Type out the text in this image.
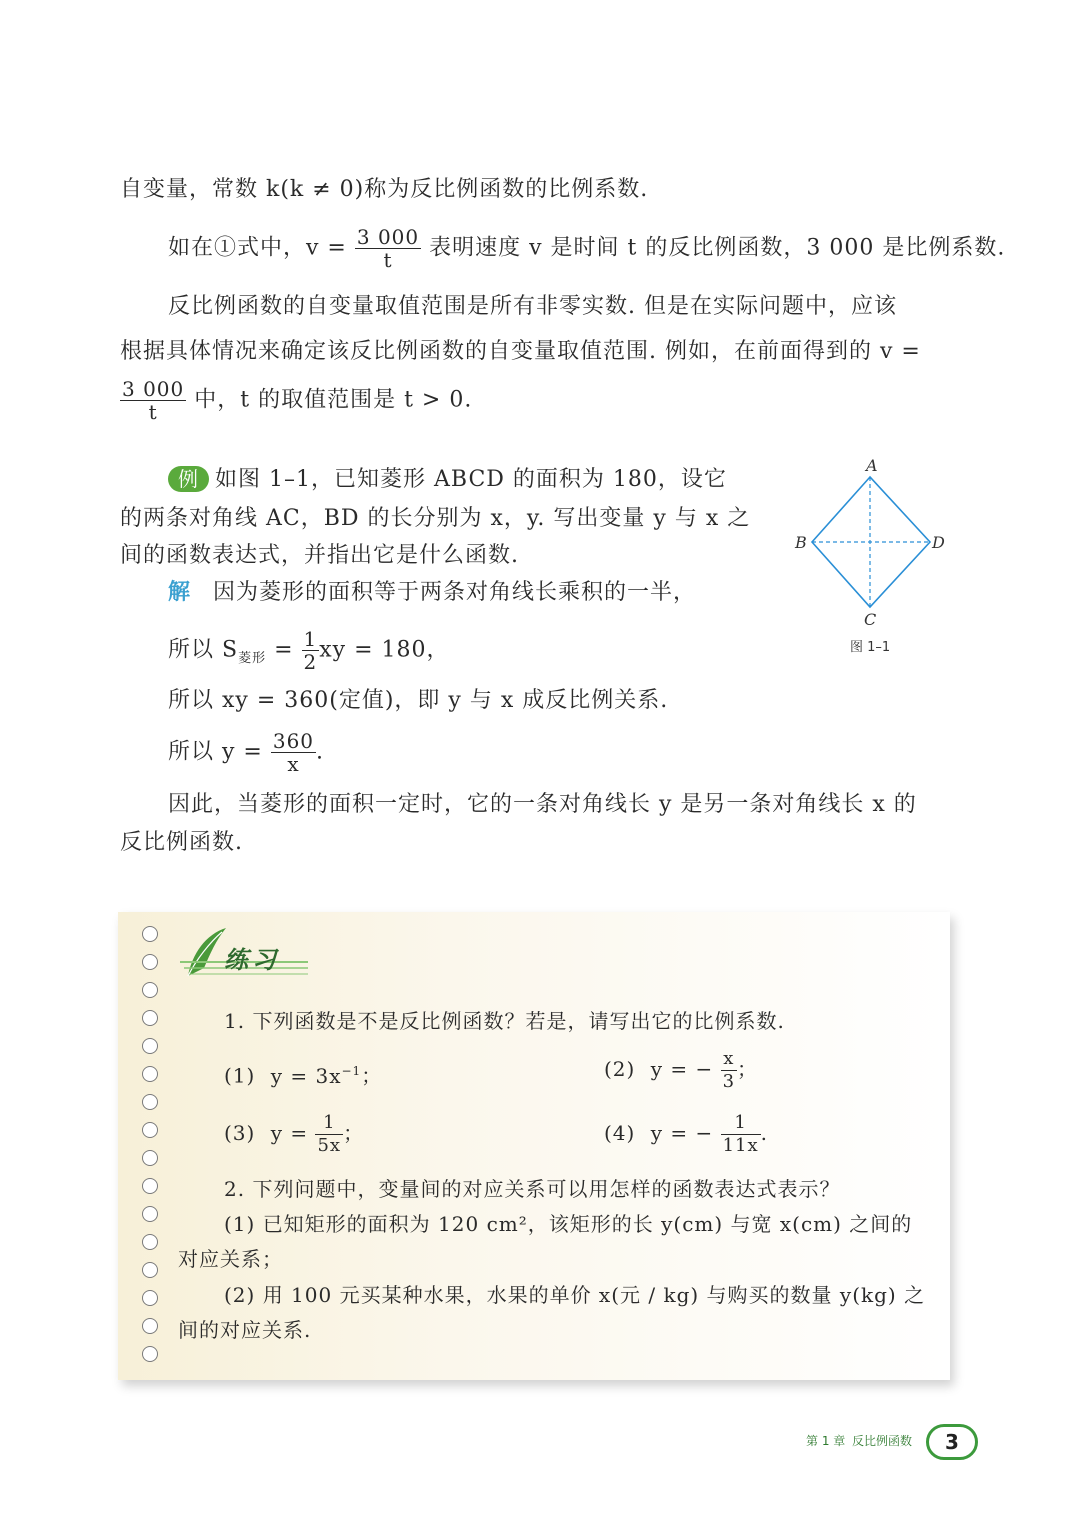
自变量，常数 k(k ≠ 0)称为反比例函数的比例系数.
如在①式中，$v = \frac{3 000}{t}$ 表明速度 v 是时间 t 的反比例函数，3 000 是比例系数.
反比例函数的自变量取值范围是所有非零实数. 但是在实际问题中，应该
根据具体情况来确定该反比例函数的自变量取值范围. 例如，在前面得到的 v =
$\frac{3 000}{t}$ 中，t 的取值范围是 t > 0.
例 如图 1–1，已知菱形 ABCD 的面积为 180，设它
的两条对角线 AC，BD 的长分别为 x，y. 写出变量 y 与 x 之
间的函数表达式，并指出它是什么函数.
解 因为菱形的面积等于两条对角线长乘积的一半，
所以 $S_{菱形} = \frac{1}{2}$ xy = 180，
所以 xy = 360(定值)，即 y 与 x 成反比例关系.
所以 $y = \frac{360}{x}$ .
因此，当菱形的面积一定时，它的一条对角线长 y 是另一条对角线长 x 的
反比例函数.
A
B
C
D
图 1–1
练习
1. 下列函数是不是反比例函数？若是，请写出它的比例系数.
(1) $y = 3x^{-1}$；	(2) y = − $\frac{x}{3}$ ；
(3) $y = \frac{1}{5x}$ ；	(4) y = − $\frac{1}{11x}$ .
2. 下列问题中，变量间的对应关系可以用怎样的函数表达式表示？
(1) 已知矩形的面积为 120 cm²，该矩形的长 y(cm) 与宽 x(cm) 之间的
对应关系；
(2) 用 100 元买某种水果，水果的单价 x(元 / kg) 与购买的数量 y(kg) 之
间的对应关系.
第 1 章 反比例函数	3
